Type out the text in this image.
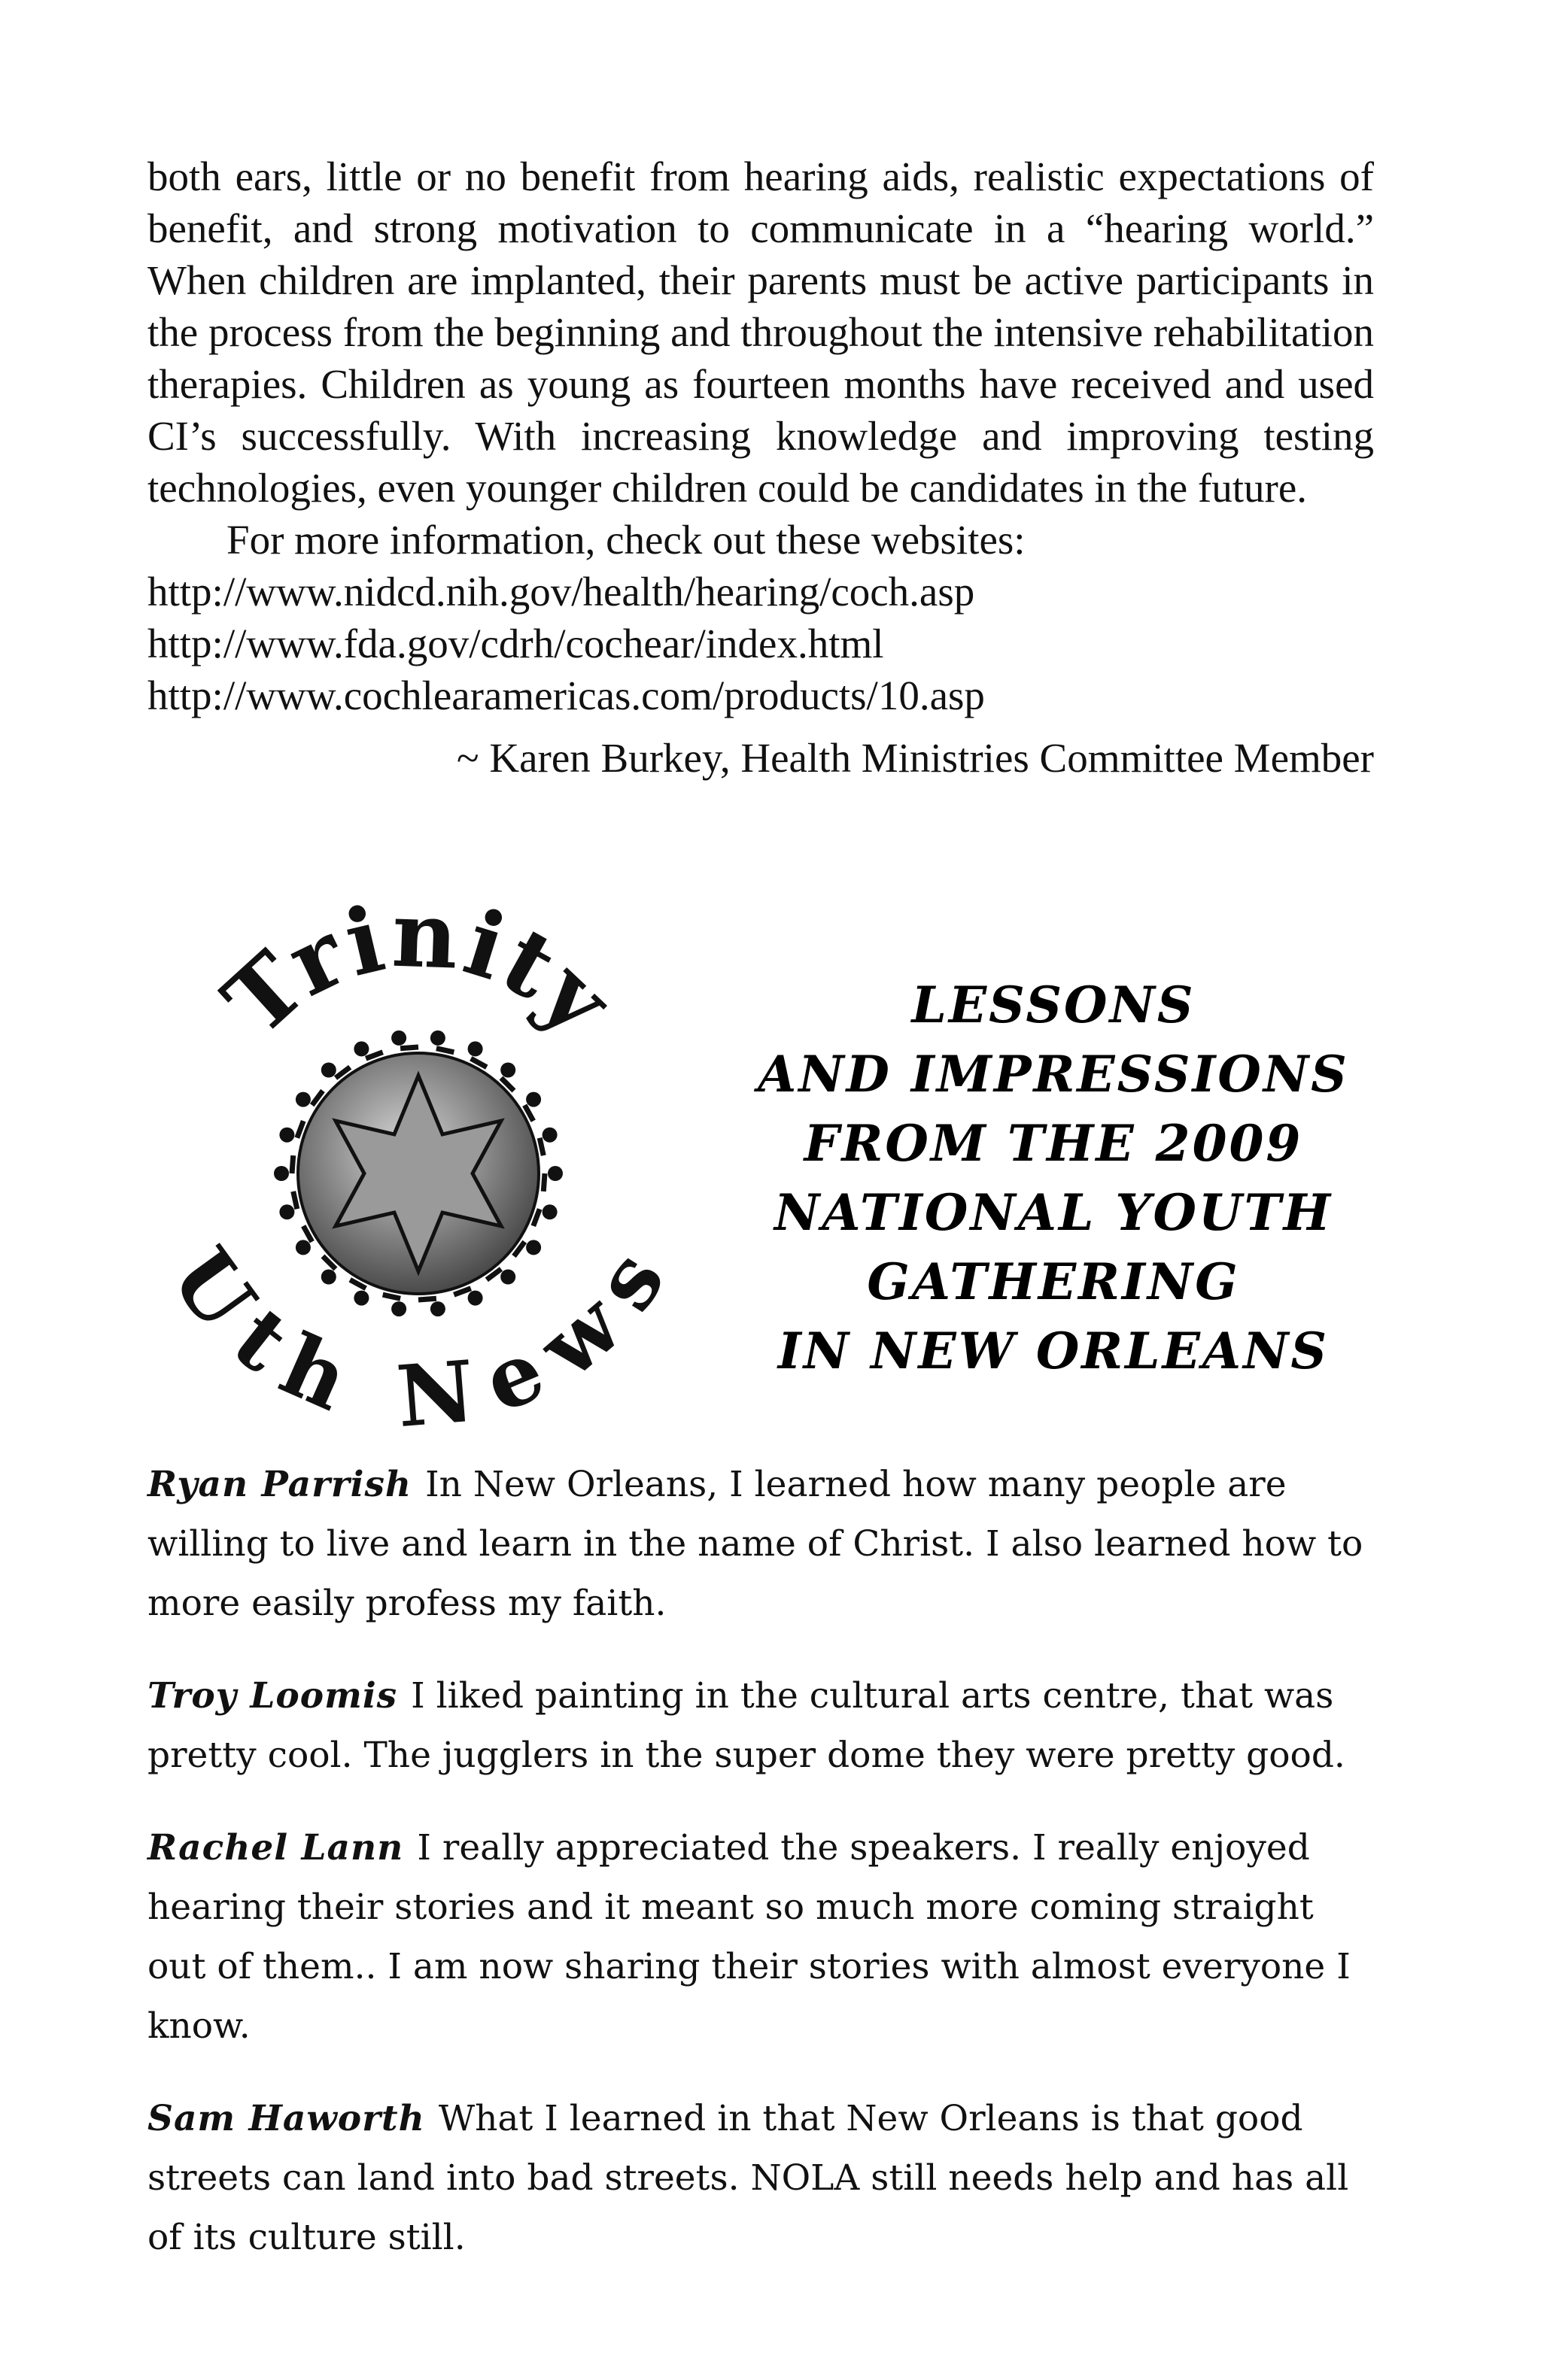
both ears, little or no benefit from hearing aids, realistic expectations of benefit, and strong motivation to communicate in a “hearing world.” When children are implanted, their parents must be active participants in the process from the beginning and throughout the intensive rehabilitation therapies. Children as young as fourteen months have received and used CI’s successfully. With increasing knowledge and improving testing technologies, even younger children could be candidates in the future.

For more information, check out these websites:

http://www.nidcd.nih.gov/health/hearing/coch.asp
http://www.fda.gov/cdrh/cochear/index.html
http://www.cochlearamericas.com/products/10.asp

~ Karen Burkey, Health Ministries Committee Member

Trinity
Uth News
LESSONS
AND IMPRESSIONS
FROM THE 2009
NATIONAL YOUTH
GATHERING
IN NEW ORLEANS

Ryan Parrish In New Orleans, I learned how many people are willing to live and learn in the name of Christ. I also learned how to more easily profess my faith.

Troy Loomis I liked painting in the cultural arts centre, that was pretty cool. The jugglers in the super dome they were pretty good.

Rachel Lann I really appreciated the speakers. I really enjoyed hearing their stories and it meant so much more coming straight out of them.. I am now sharing their stories with almost everyone I know.

Sam Haworth What I learned in that New Orleans is that good streets can land into bad streets. NOLA still needs help and has all of its culture still.
